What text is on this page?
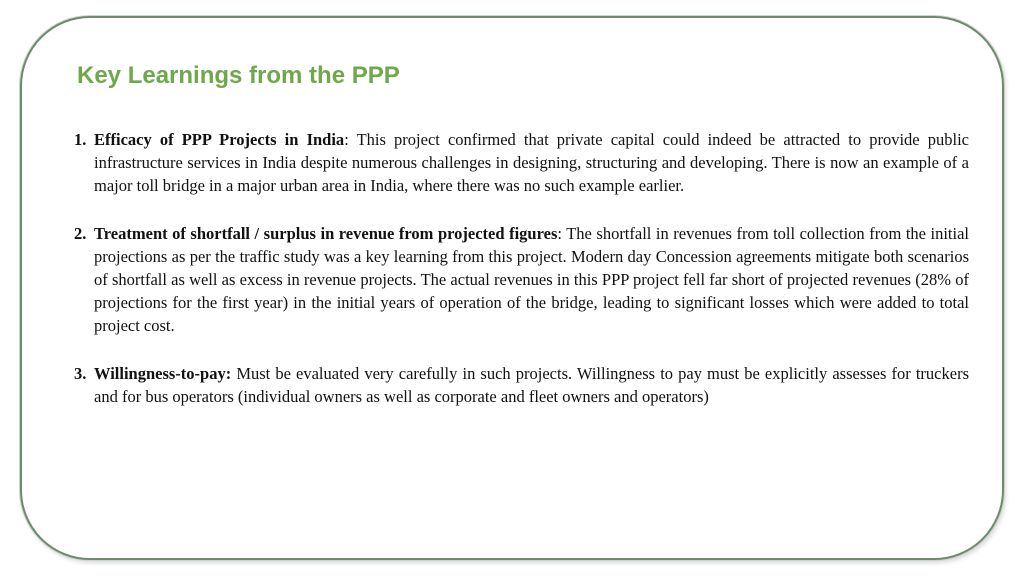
Key Learnings from the PPP
1. Efficacy of PPP Projects in India: This project confirmed that private capital could indeed be attracted to provide public infrastructure services in India despite numerous challenges in designing, structuring and developing. There is now an example of a major toll bridge in a major urban area in India, where there was no such example earlier.
2. Treatment of shortfall / surplus in revenue from projected figures: The shortfall in revenues from toll collection from the initial projections as per the traffic study was a key learning from this project. Modern day Concession agreements mitigate both scenarios of shortfall as well as excess in revenue projects. The actual revenues in this PPP project fell far short of projected revenues (28% of projections for the first year) in the initial years of operation of the bridge, leading to significant losses which were added to total project cost.
3. Willingness-to-pay: Must be evaluated very carefully in such projects. Willingness to pay must be explicitly assesses for truckers and for bus operators (individual owners as well as corporate and fleet owners and operators)
